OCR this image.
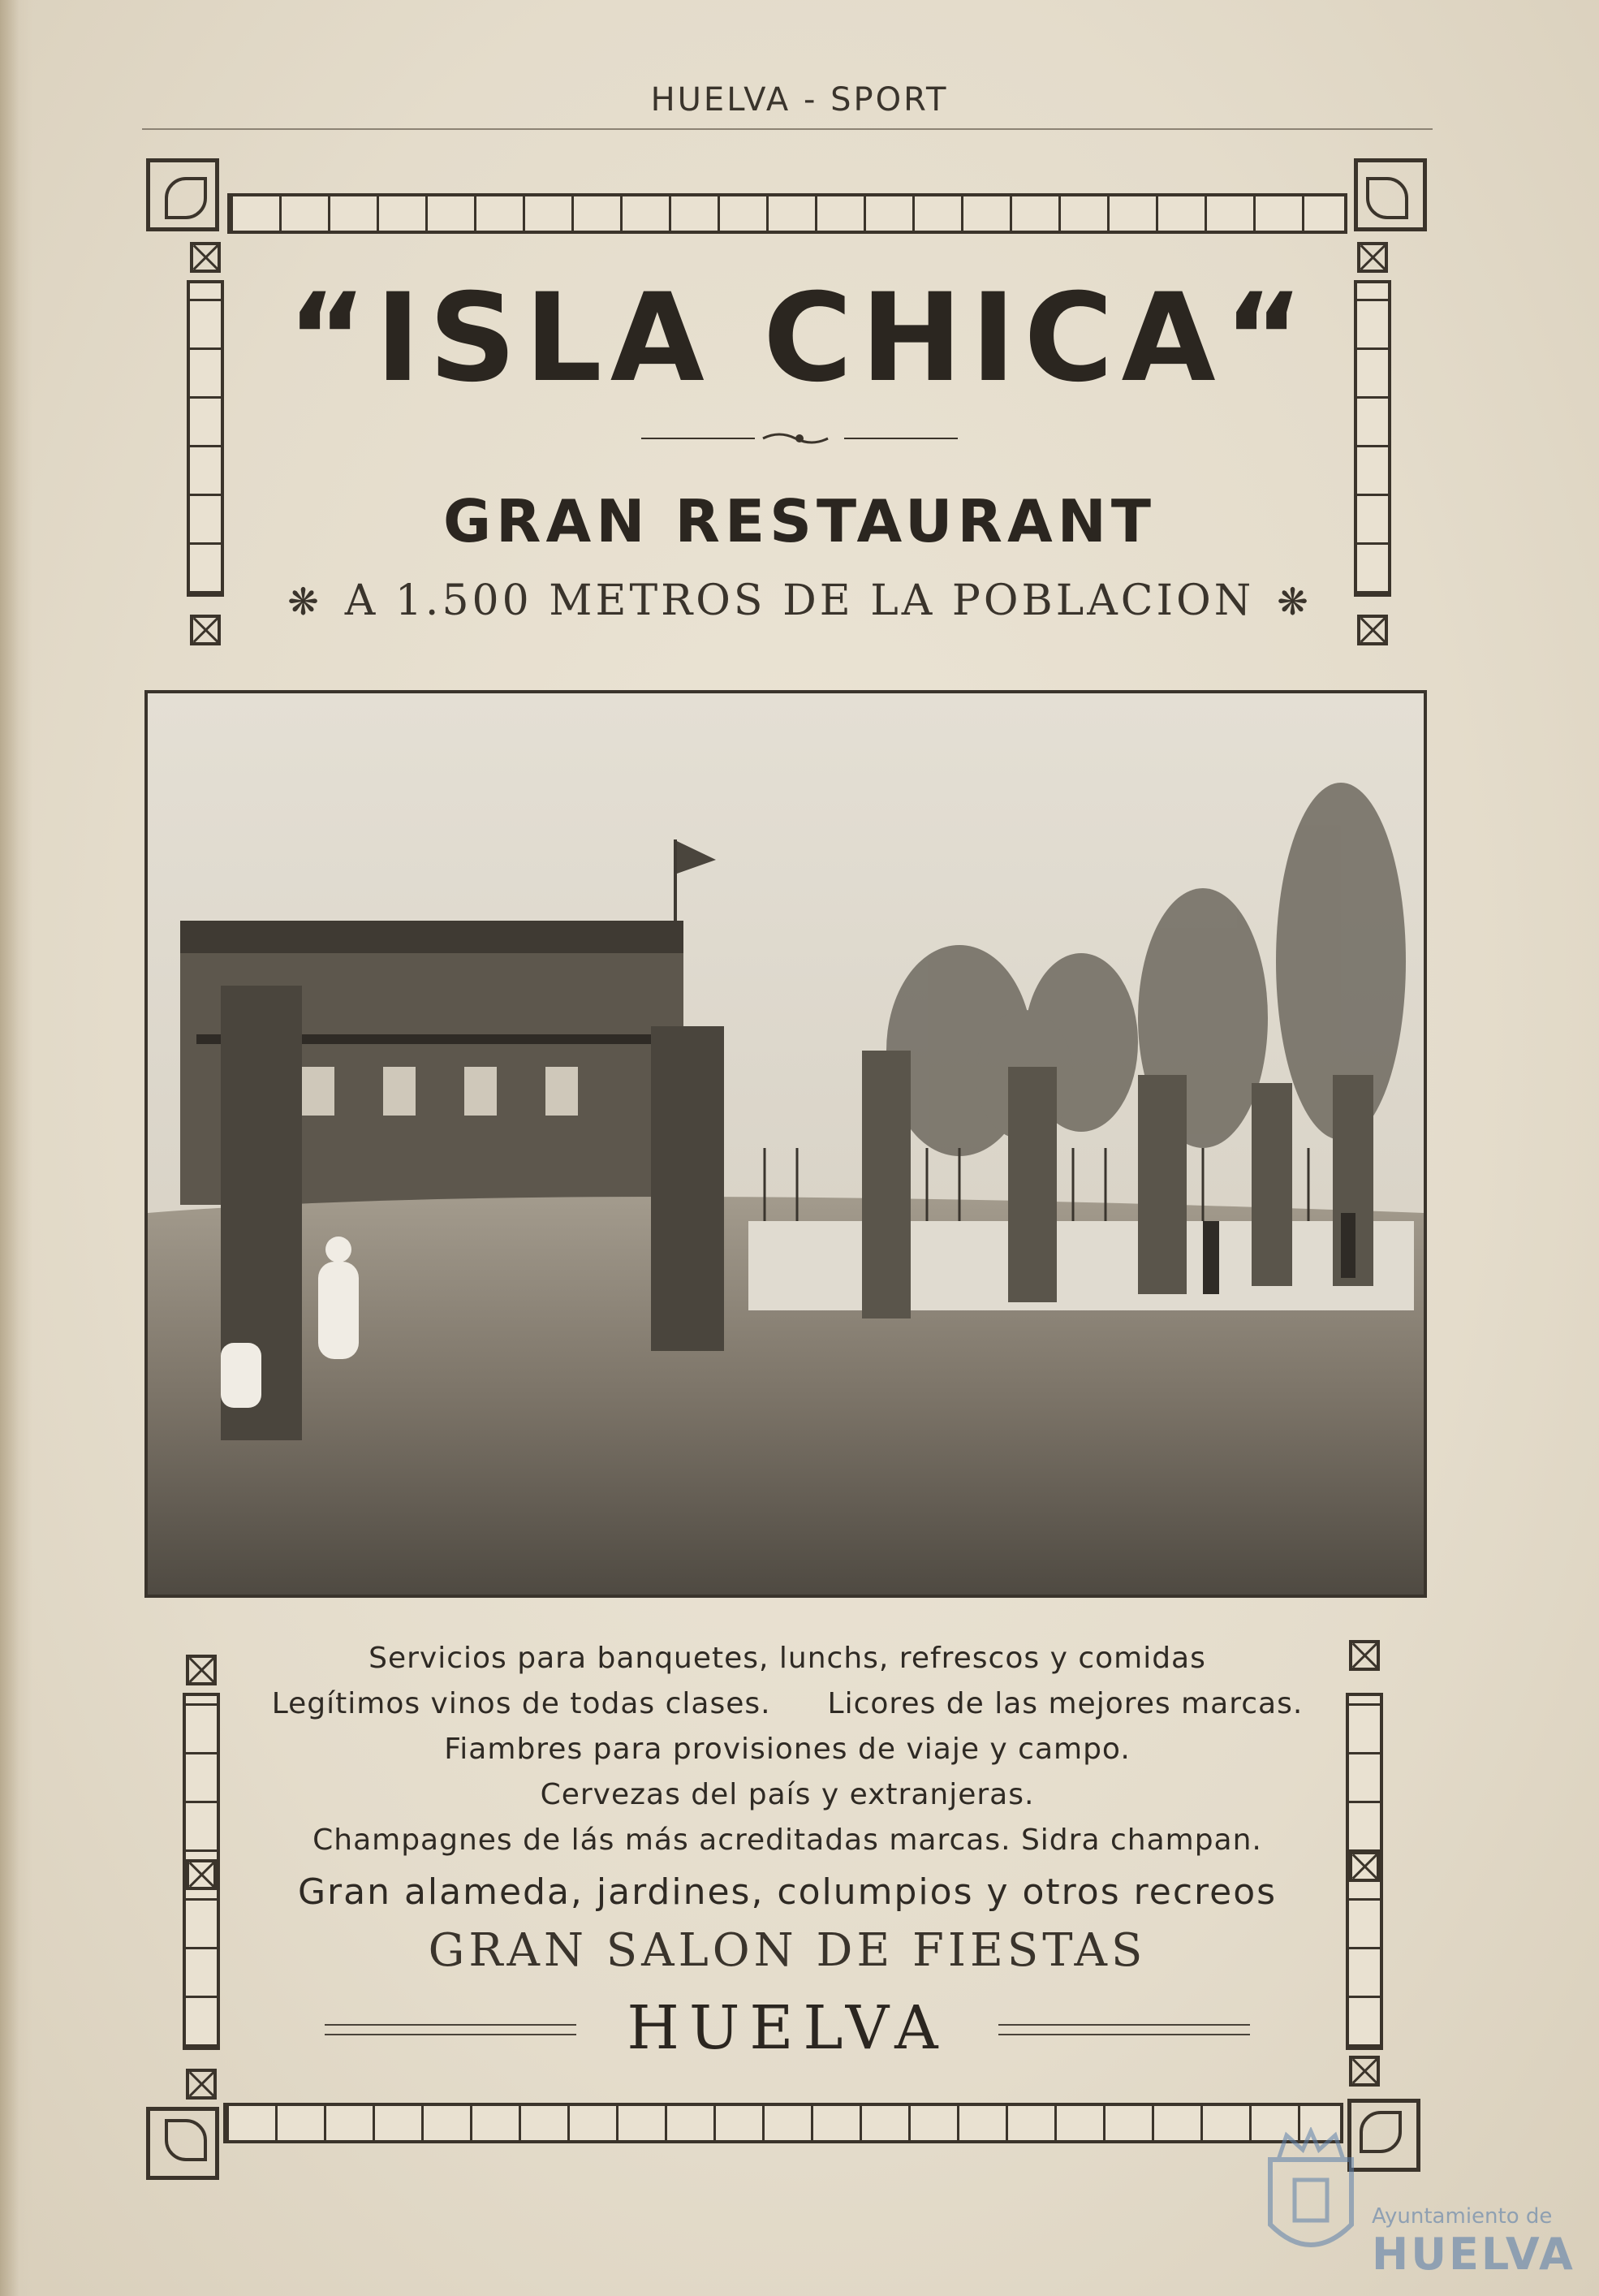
HUELVA - SPORT
“ISLA CHICA“
GRAN RESTAURANT
❋ A 1.500 METROS DE LA POBLACION ❋
Servicios para banquetes, lunchs, refrescos y comidas
Legítimos vinos de todas clases. Licores de las mejores marcas.
Fiambres para provisiones de viaje y campo.
Cervezas del país y extranjeras.
Champagnes de lás más acreditadas marcas. Sidra champan.
Gran alameda, jardines, columpios y otros recreos
GRAN SALON DE FIESTAS
HUELVA
Ayuntamiento de
HUELVA
